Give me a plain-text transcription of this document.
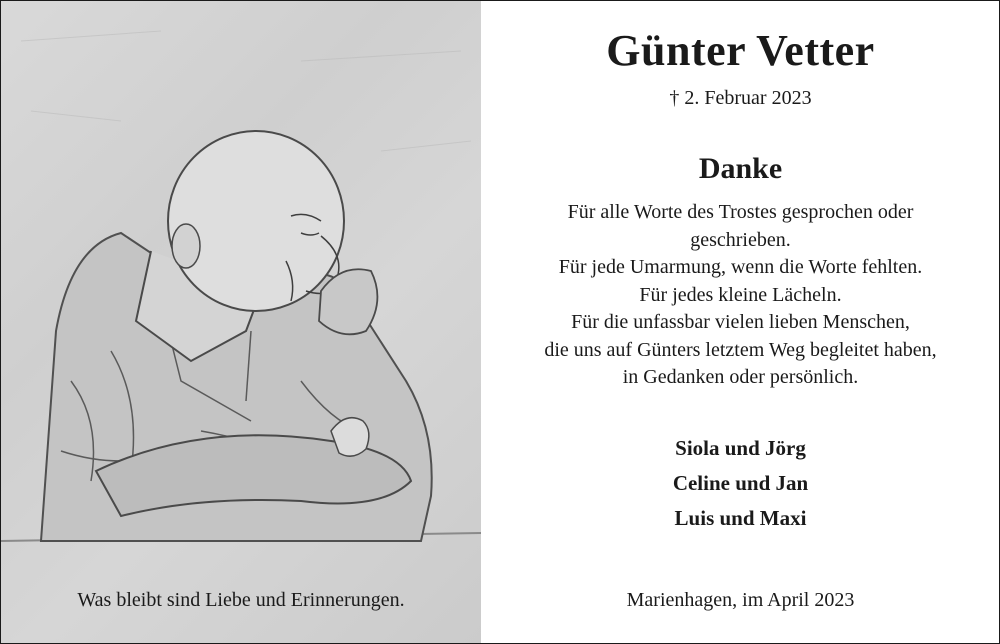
Was bleibt sind Liebe und Erinnerungen.
Günter Vetter
† 2. Februar 2023
Danke
Für alle Worte des Trostes gesprochen oder
geschrieben.
Für jede Umarmung, wenn die Worte fehlten.
Für jedes kleine Lächeln.
Für die unfassbar vielen lieben Menschen,
die uns auf Günters letztem Weg begleitet haben,
in Gedanken oder persönlich.
Siola und Jörg
Celine und Jan
Luis und Maxi
Marienhagen, im April 2023
